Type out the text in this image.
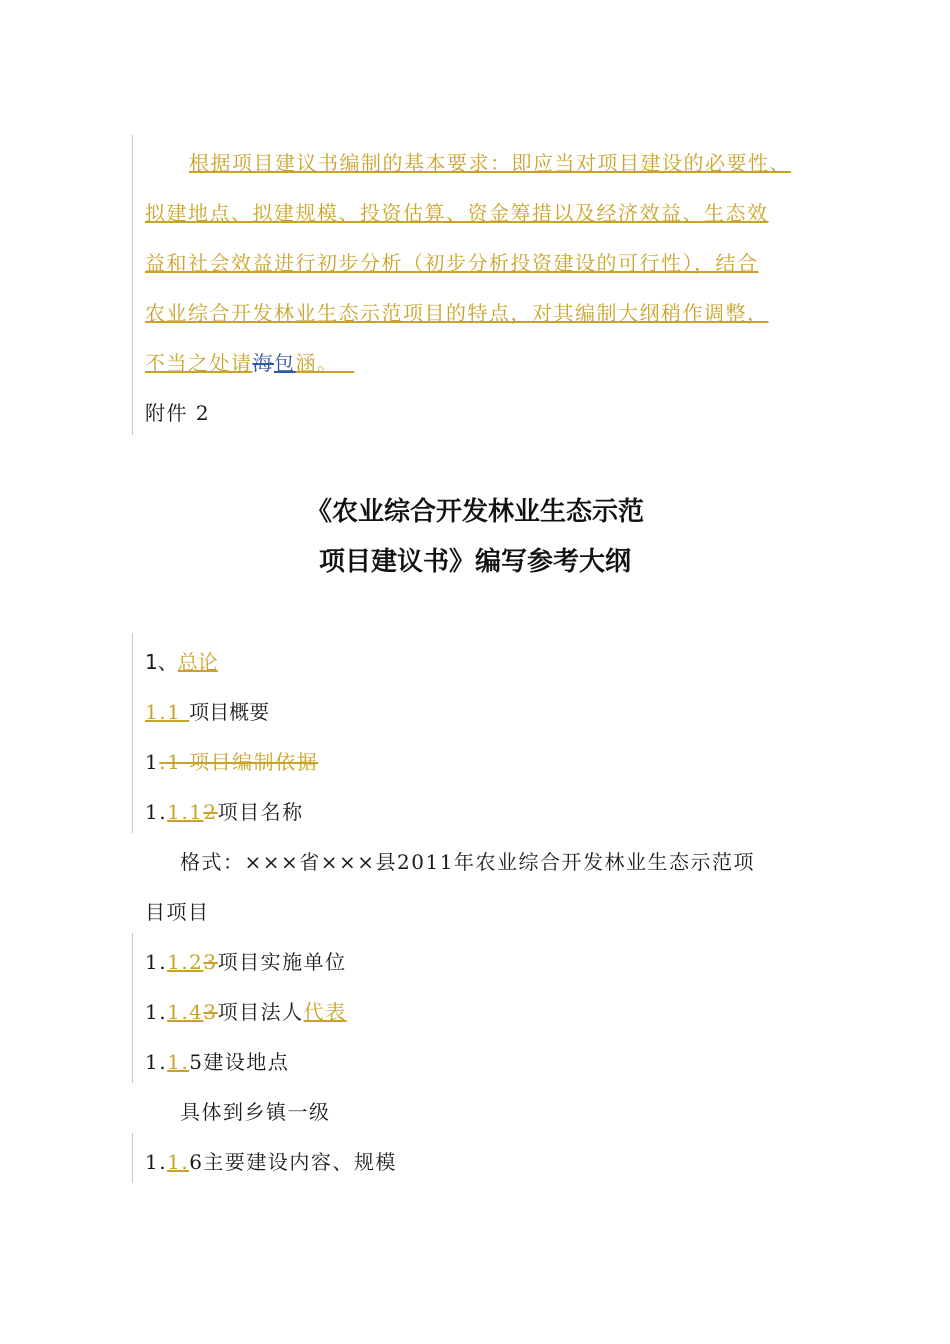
根据项目建议书编制的基本要求：即应当对项目建设的必要性、
拟建地点、拟建规模、投资估算、资金筹措以及经济效益、生态效
益和社会效益进行初步分析（初步分析投资建设的可行性），结合
农业综合开发林业生态示范项目的特点，对其编制大纲稍作调整，
不当之处请海包涵。
附件 2
《农业综合开发林业生态示范
项目建议书》编写参考大纲
1、总论
1.1 项目概要
1.1 项目编制依据
1.1.12项目名称
格式：×××省×××县2011年农业综合开发林业生态示范项
目项目
1.1.23项目实施单位
1.1.43项目法人代表
1.1.5建设地点
具体到乡镇一级
1.1.6主要建设内容、规模
